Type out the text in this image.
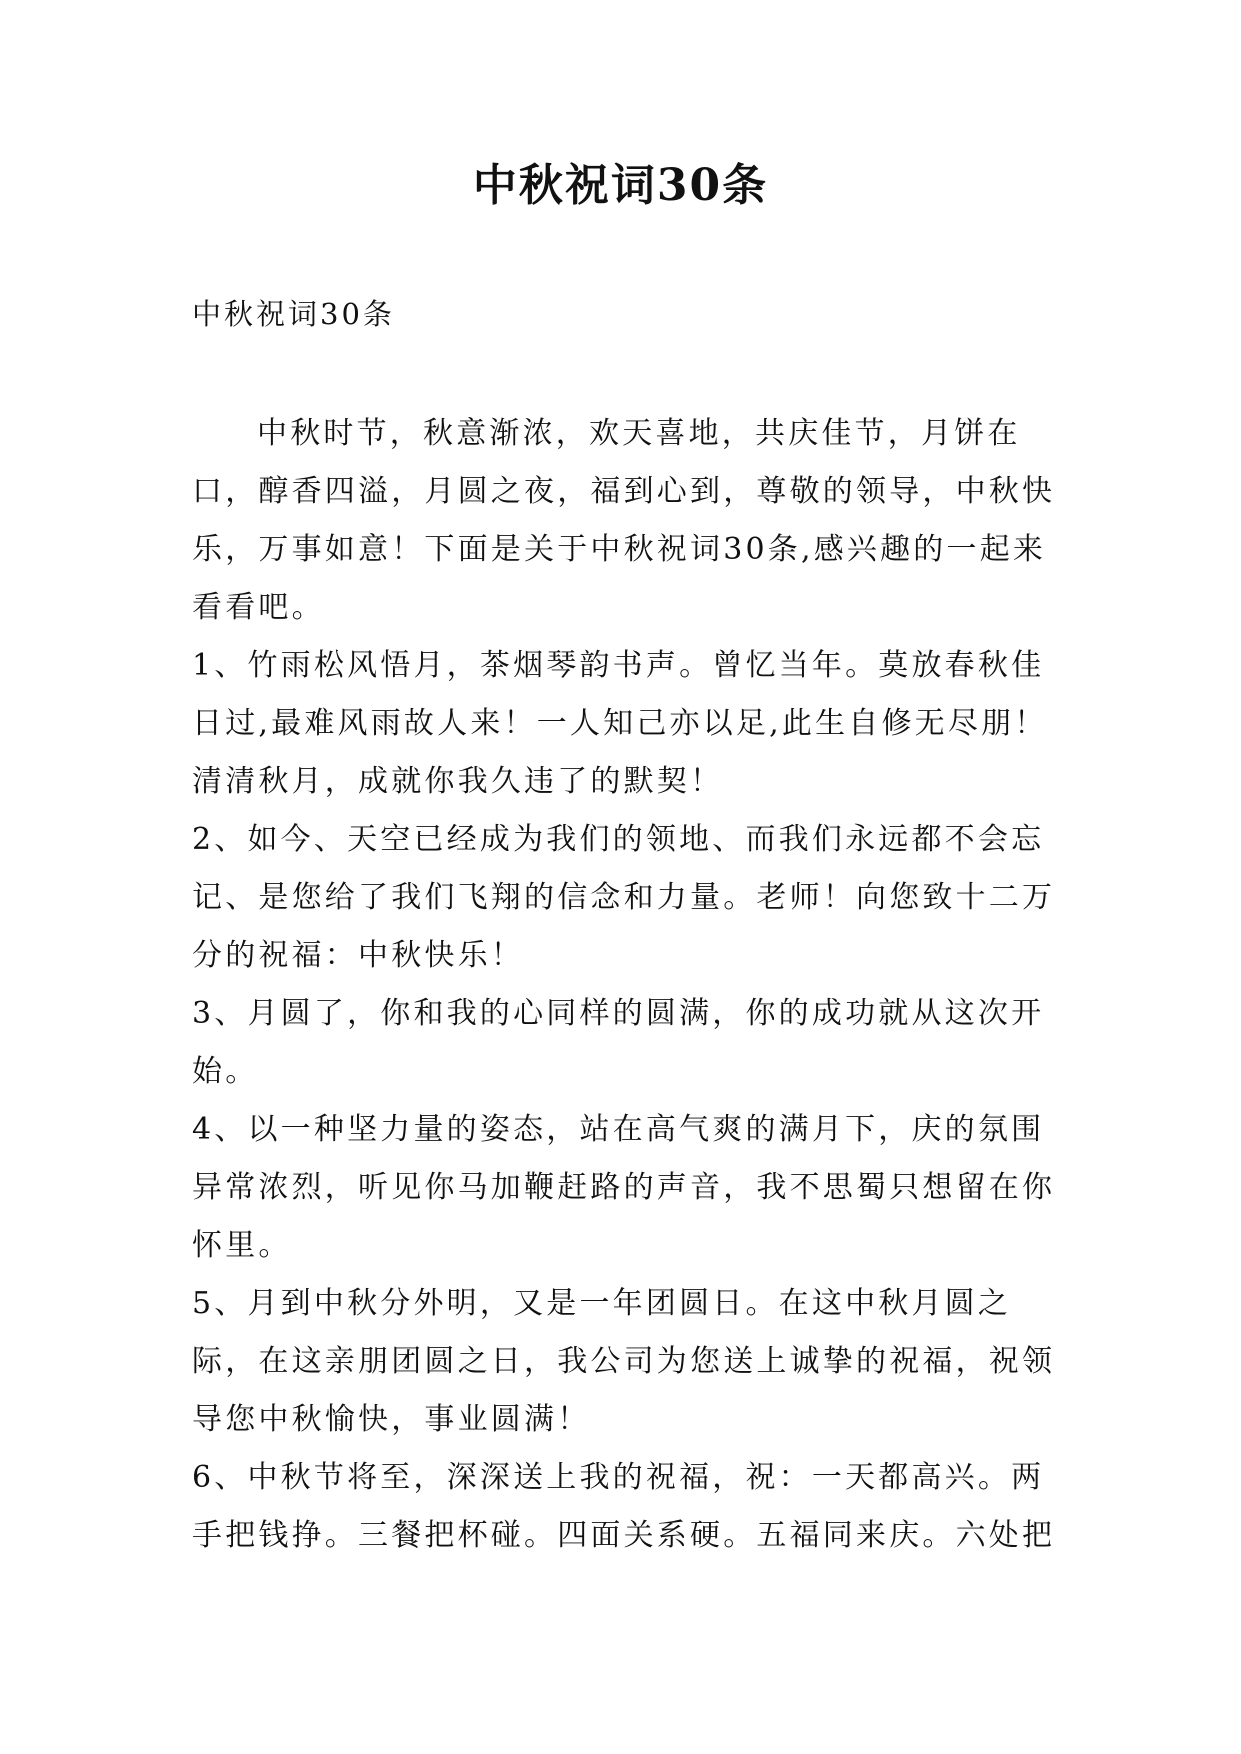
中秋祝词30条

中秋祝词30条

中秋时节，秋意渐浓，欢天喜地，共庆佳节，月饼在口，醇香四溢，月圆之夜，福到心到，尊敬的领导，中秋快乐，万事如意！下面是关于中秋祝词30条,感兴趣的一起来看看吧。

1、竹雨松风悟月，茶烟琴韵书声。曾忆当年。莫放春秋佳日过,最难风雨故人来！一人知己亦以足,此生自修无尽朋！清清秋月，成就你我久违了的默契！

2、如今、天空已经成为我们的领地、而我们永远都不会忘记、是您给了我们飞翔的信念和力量。老师！向您致十二万分的祝福：中秋快乐！

3、月圆了，你和我的心同样的圆满，你的成功就从这次开始。

4、以一种坚力量的姿态，站在高气爽的满月下，庆的氛围异常浓烈，听见你马加鞭赶路的声音，我不思蜀只想留在你怀里。

5、月到中秋分外明，又是一年团圆日。在这中秋月圆之际，在这亲朋团圆之日，我公司为您送上诚挚的祝福，祝领导您中秋愉快，事业圆满！

6、中秋节将至，深深送上我的祝福，祝：一天都高兴。两手把钱挣。三餐把杯碰。四面关系硬。五福同来庆。六处把
